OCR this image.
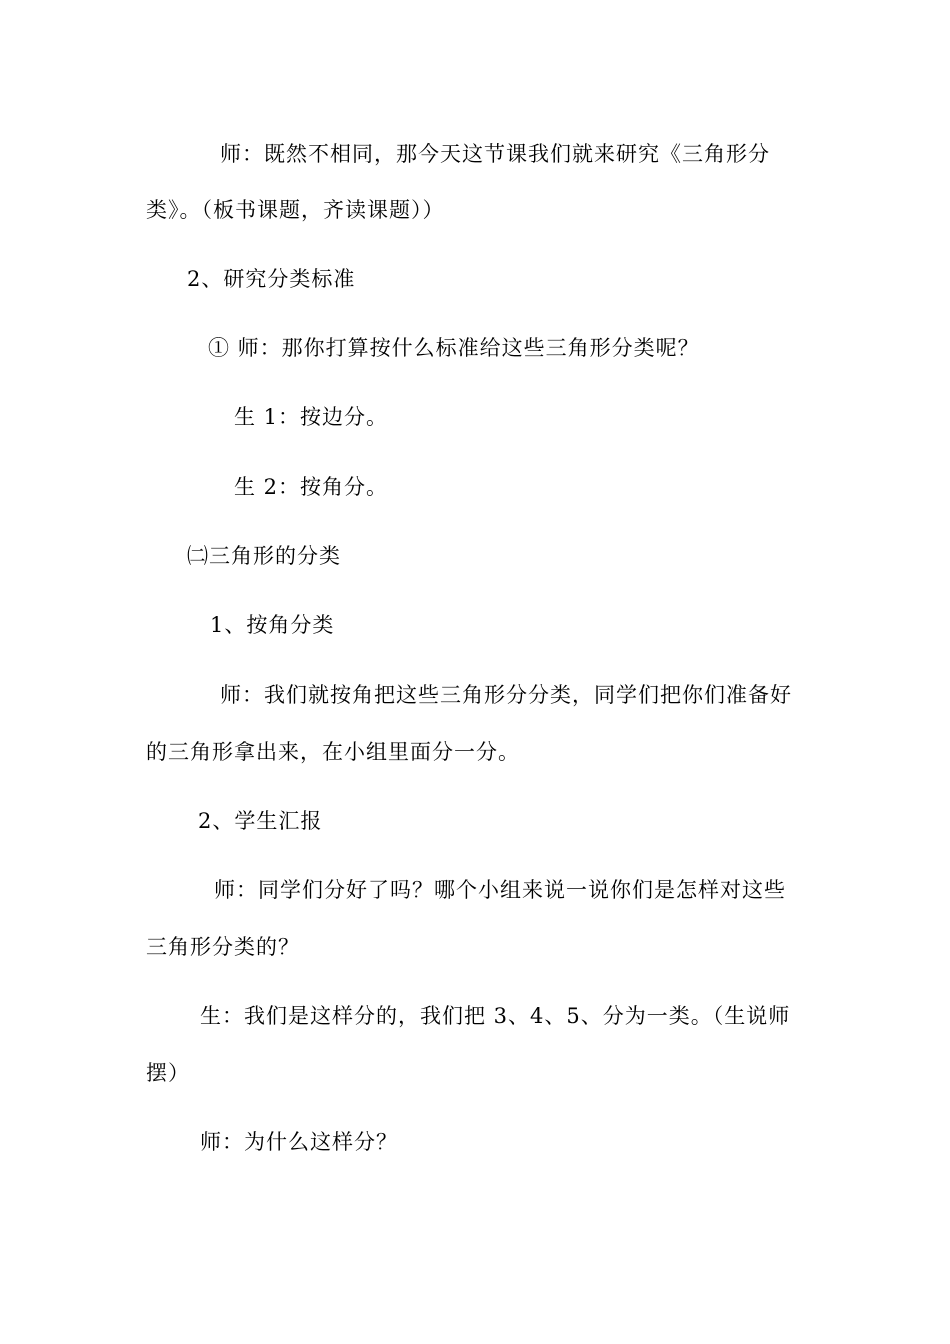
师：既然不相同，那今天这节课我们就来研究《三角形分
类》。（板书课题，齐读课题））
2、研究分类标准
① 师：那你打算按什么标准给这些三角形分类呢？
生 1：按边分。
生 2：按角分。
㈡三角形的分类
1、按角分类
师：我们就按角把这些三角形分分类，同学们把你们准备好
的三角形拿出来，在小组里面分一分。
2、学生汇报
师：同学们分好了吗？哪个小组来说一说你们是怎样对这些
三角形分类的？
生：我们是这样分的，我们把 3、4、5、分为一类。（生说师
摆）
师：为什么这样分？
